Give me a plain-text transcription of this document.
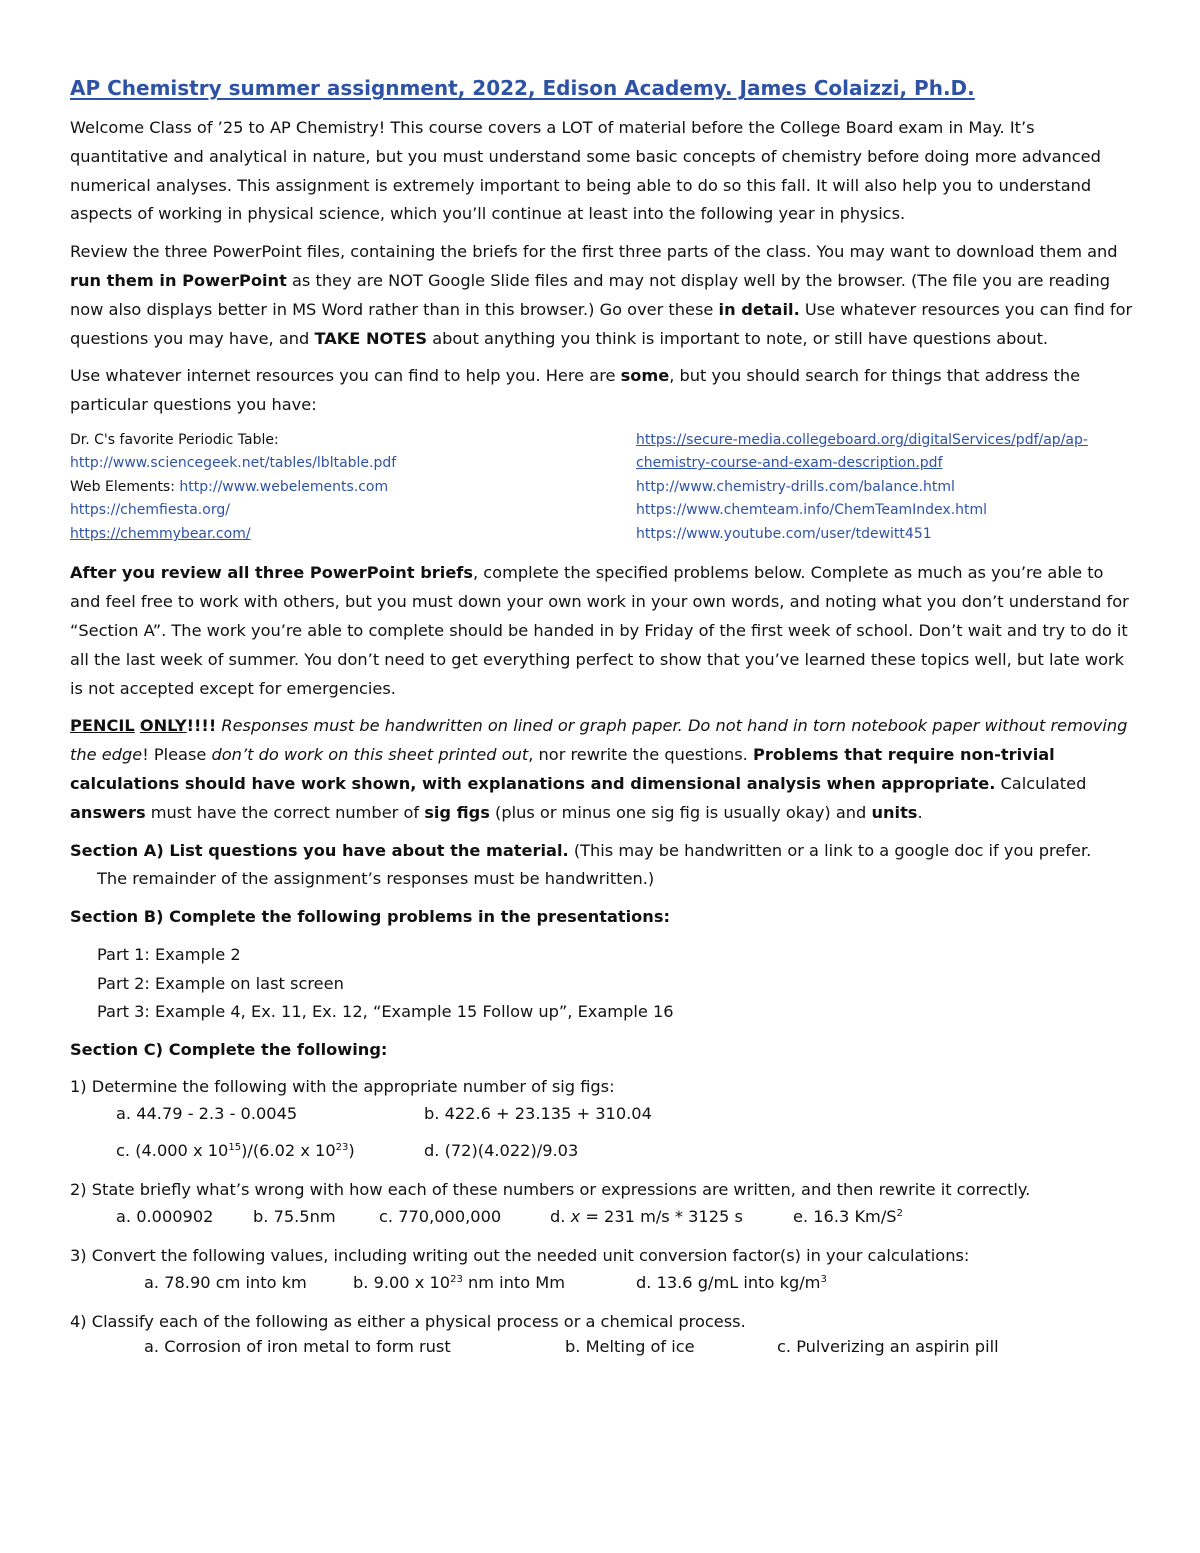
AP Chemistry summer assignment, 2022, Edison Academy. James Colaizzi, Ph.D.

Welcome Class of ’25 to AP Chemistry! This course covers a LOT of material before the College Board exam in May. It’s quantitative and analytical in nature, but you must understand some basic concepts of chemistry before doing more advanced numerical analyses. This assignment is extremely important to being able to do so this fall. It will also help you to understand aspects of working in physical science, which you’ll continue at least into the following year in physics.

Review the three PowerPoint files, containing the briefs for the first three parts of the class. You may want to download them and run them in PowerPoint as they are NOT Google Slide files and may not display well by the browser. (The file you are reading now also displays better in MS Word rather than in this browser.) Go over these in detail. Use whatever resources you can find for questions you may have, and TAKE NOTES about anything you think is important to note, or still have questions about.

Use whatever internet resources you can find to help you. Here are some, but you should search for things that address the particular questions you have:

Dr. C's favorite Periodic Table:
http://www.sciencegeek.net/tables/lbltable.pdf
Web Elements: http://www.webelements.com
https://chemfiesta.org/
https://chemmybear.com/
https://secure-media.collegeboard.org/digitalServices/pdf/ap/ap-
chemistry-course-and-exam-description.pdf
http://www.chemistry-drills.com/balance.html
https://www.chemteam.info/ChemTeamIndex.html
https://www.youtube.com/user/tdewitt451

After you review all three PowerPoint briefs, complete the specified problems below. Complete as much as you’re able to and feel free to work with others, but you must down your own work in your own words, and noting what you don’t understand for “Section A”. The work you’re able to complete should be handed in by Friday of the first week of school. Don’t wait and try to do it all the last week of summer. You don’t need to get everything perfect to show that you’ve learned these topics well, but late work is not accepted except for emergencies.

PENCIL ONLY!!!! Responses must be handwritten on lined or graph paper. Do not hand in torn notebook paper without removing the edge! Please don’t do work on this sheet printed out, nor rewrite the questions. Problems that require non-trivial calculations should have work shown, with explanations and dimensional analysis when appropriate. Calculated answers must have the correct number of sig figs (plus or minus one sig fig is usually okay) and units.

Section A) List questions you have about the material. (This may be handwritten or a link to a google doc if you prefer.
The remainder of the assignment’s responses must be handwritten.)

Section B) Complete the following problems in the presentations:

Part 1: Example 2
Part 2: Example on last screen
Part 3: Example 4, Ex. 11, Ex. 12, “Example 15 Follow up”, Example 16

Section C) Complete the following:

1) Determine the following with the appropriate number of sig figs:

a. 44.79 - 2.3 - 0.0045	b. 422.6 + 23.135 + 310.04
c. (4.000 x $10^{15})/(6.02$ x $10^{23}$)	d. (72)(4.022)/9.03

2) State briefly what’s wrong with how each of these numbers or expressions are written, and then rewrite it correctly.

a. 0.000902 b. 75.5nm	c. 770,000,000	d. x = 231 m/s * 3125 s	e. 16.3 $Km/S^2$

3) Convert the following values, including writing out the needed unit conversion factor(s) in your calculations:

a. 78.90 cm into km	b. 9.00 x $10^{23}$ nm into Mm	d. 13.6 g/mL into $kg/m^3$

4) Classify each of the following as either a physical process or a chemical process.

a. Corrosion of iron metal to form rust	b. Melting of ice	c. Pulverizing an aspirin pill
